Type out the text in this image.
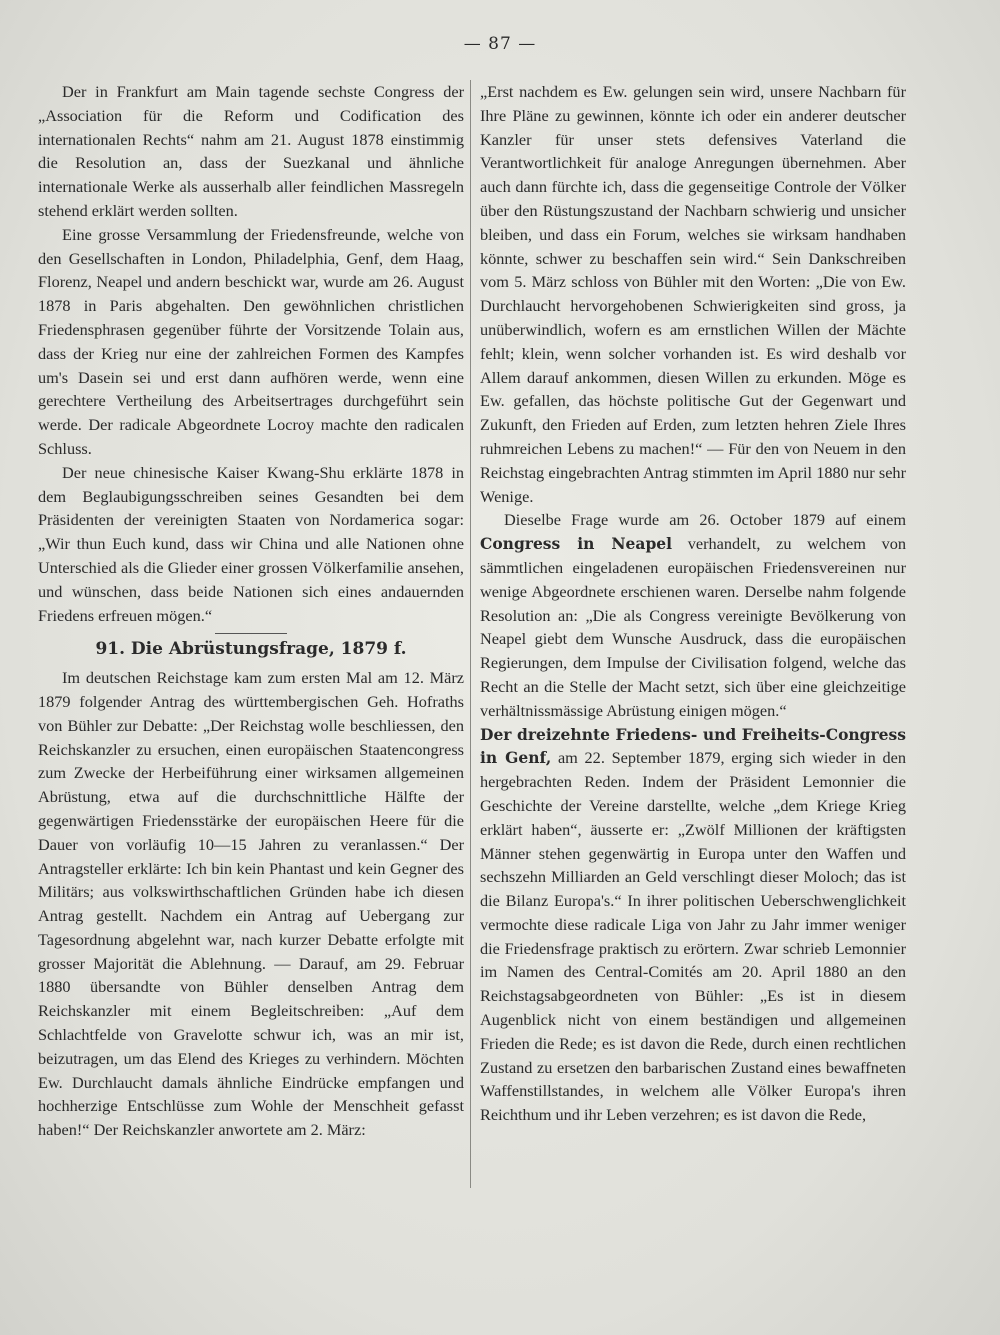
— 87 —

Der in Frankfurt am Main tagende sechste Congress der „Association für die Reform und Codification des internationalen Rechts“ nahm am 21. August 1878 einstimmig die Resolution an, dass der Suezkanal und ähnliche internationale Werke als ausserhalb aller feindlichen Massregeln stehend erklärt werden sollten.

Eine grosse Versammlung der Friedensfreunde, welche von den Gesellschaften in London, Philadelphia, Genf, dem Haag, Florenz, Neapel und andern beschickt war, wurde am 26. August 1878 in Paris abgehalten. Den gewöhnlichen christlichen Friedensphrasen gegenüber führte der Vorsitzende Tolain aus, dass der Krieg nur eine der zahlreichen Formen des Kampfes um's Dasein sei und erst dann aufhören werde, wenn eine gerechtere Vertheilung des Arbeitsertrages durchgeführt sein werde. Der radicale Abgeordnete Locroy machte den radicalen Schluss.

Der neue chinesische Kaiser Kwang-Shu erklärte 1878 in dem Beglaubigungsschreiben seines Gesandten bei dem Präsidenten der vereinigten Staaten von Nordamerica sogar: „Wir thun Euch kund, dass wir China und alle Nationen ohne Unterschied als die Glieder einer grossen Völkerfamilie ansehen, und wünschen, dass beide Nationen sich eines andauernden Friedens erfreuen mögen.“

91. Die Abrüstungsfrage, 1879 f.

Im deutschen Reichstage kam zum ersten Mal am 12. März 1879 folgender Antrag des württembergischen Geh. Hofraths von Bühler zur Debatte: „Der Reichstag wolle beschliessen, den Reichskanzler zu ersuchen, einen europäischen Staatencongress zum Zwecke der Herbeiführung einer wirksamen allgemeinen Abrüstung, etwa auf die durchschnittliche Hälfte der gegenwärtigen Friedensstärke der europäischen Heere für die Dauer von vorläufig 10—15 Jahren zu veranlassen.“ Der Antragsteller erklärte: Ich bin kein Phantast und kein Gegner des Militärs; aus volkswirthschaftlichen Gründen habe ich diesen Antrag gestellt. Nachdem ein Antrag auf Uebergang zur Tagesordnung abgelehnt war, nach kurzer Debatte erfolgte mit grosser Majorität die Ablehnung. — Darauf, am 29. Februar 1880 übersandte von Bühler denselben Antrag dem Reichskanzler mit einem Begleitschreiben: „Auf dem Schlachtfelde von Gravelotte schwur ich, was an mir ist, beizutragen, um das Elend des Krieges zu verhindern. Möchten Ew. Durchlaucht damals ähnliche Eindrücke empfangen und hochherzige Entschlüsse zum Wohle der Menschheit gefasst haben!“ Der Reichskanzler anwortete am 2. März:

„Erst nachdem es Ew. gelungen sein wird, unsere Nachbarn für Ihre Pläne zu gewinnen, könnte ich oder ein anderer deutscher Kanzler für unser stets defensives Vaterland die Verantwortlichkeit für analoge Anregungen übernehmen. Aber auch dann fürchte ich, dass die gegenseitige Controle der Völker über den Rüstungszustand der Nachbarn schwierig und unsicher bleiben, und dass ein Forum, welches sie wirksam handhaben könnte, schwer zu beschaffen sein wird.“ Sein Dankschreiben vom 5. März schloss von Bühler mit den Worten: „Die von Ew. Durchlaucht hervorgehobenen Schwierigkeiten sind gross, ja unüberwindlich, wofern es am ernstlichen Willen der Mächte fehlt; klein, wenn solcher vorhanden ist. Es wird deshalb vor Allem darauf ankommen, diesen Willen zu erkunden. Möge es Ew. gefallen, das höchste politische Gut der Gegenwart und Zukunft, den Frieden auf Erden, zum letzten hehren Ziele Ihres ruhmreichen Lebens zu machen!“ — Für den von Neuem in den Reichstag eingebrachten Antrag stimmten im April 1880 nur sehr Wenige.

Dieselbe Frage wurde am 26. October 1879 auf einem Congress in Neapel verhandelt, zu welchem von sämmtlichen eingeladenen europäischen Friedensvereinen nur wenige Abgeordnete erschienen waren. Derselbe nahm folgende Resolution an: „Die als Congress vereinigte Bevölkerung von Neapel giebt dem Wunsche Ausdruck, dass die europäischen Regierungen, dem Impulse der Civilisation folgend, welche das Recht an die Stelle der Macht setzt, sich über eine gleichzeitige verhältnissmässige Abrüstung einigen mögen.“

Der dreizehnte Friedens- und Freiheits-Congress in Genf, am 22. September 1879, erging sich wieder in den hergebrachten Reden. Indem der Präsident Lemonnier die Geschichte der Vereine darstellte, welche „dem Kriege Krieg erklärt haben“, äusserte er: „Zwölf Millionen der kräftigsten Männer stehen gegenwärtig in Europa unter den Waffen und sechszehn Milliarden an Geld verschlingt dieser Moloch; das ist die Bilanz Europa's.“ In ihrer politischen Ueberschwenglichkeit vermochte diese radicale Liga von Jahr zu Jahr immer weniger die Friedensfrage praktisch zu erörtern. Zwar schrieb Lemonnier im Namen des Central-Comités am 20. April 1880 an den Reichstagsabgeordneten von Bühler: „Es ist in diesem Augenblick nicht von einem beständigen und allgemeinen Frieden die Rede; es ist davon die Rede, durch einen rechtlichen Zustand zu ersetzen den barbarischen Zustand eines bewaffneten Waffenstillstandes, in welchem alle Völker Europa's ihren Reichthum und ihr Leben verzehren; es ist davon die Rede,
